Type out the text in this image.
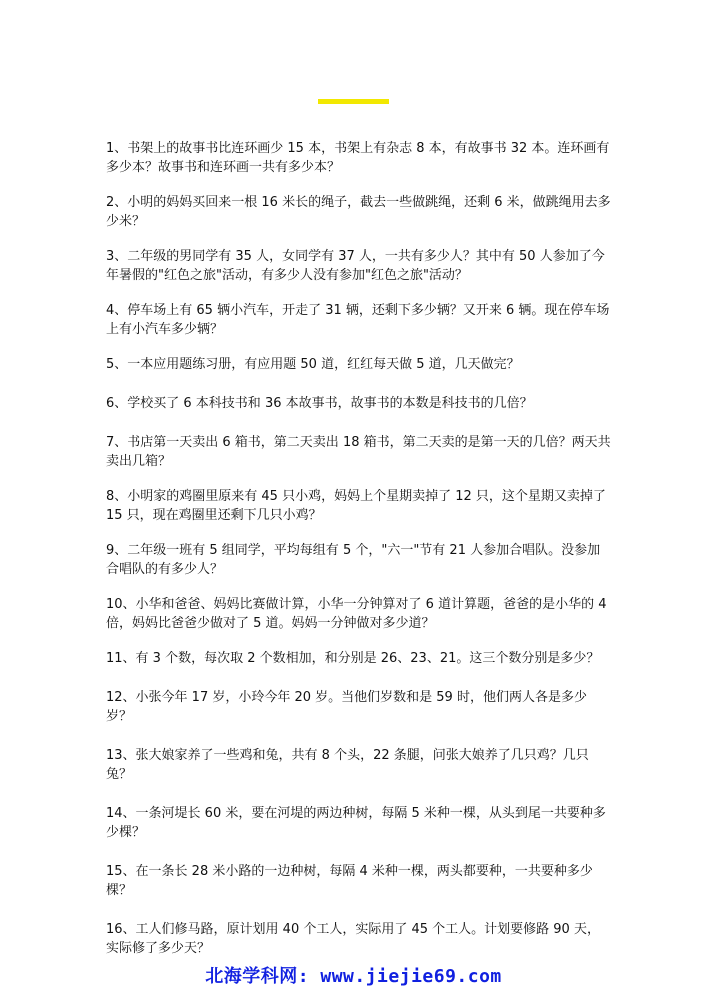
1、书架上的故事书比连环画少 15 本，书架上有杂志 8 本，有故事书 32 本。连环画有多少本？故事书和连环画一共有多少本？
2、小明的妈妈买回来一根 16 米长的绳子，截去一些做跳绳，还剩 6 米，做跳绳用去多少米？
3、二年级的男同学有 35 人，女同学有 37 人，一共有多少人？其中有 50 人参加了今年暑假的"红色之旅"活动，有多少人没有参加"红色之旅"活动？
4、停车场上有 65 辆小汽车，开走了 31 辆，还剩下多少辆？又开来 6 辆。现在停车场上有小汽车多少辆？
5、一本应用题练习册，有应用题 50 道，红红每天做 5 道，几天做完？
6、学校买了 6 本科技书和 36 本故事书，故事书的本数是科技书的几倍？
7、书店第一天卖出 6 箱书，第二天卖出 18 箱书，第二天卖的是第一天的几倍？两天共卖出几箱？
8、小明家的鸡圈里原来有 45 只小鸡，妈妈上个星期卖掉了 12 只，这个星期又卖掉了 15 只，现在鸡圈里还剩下几只小鸡？
9、二年级一班有 5 组同学，平均每组有 5 个，"六一"节有 21 人参加合唱队。没参加合唱队的有多少人？
10、小华和爸爸、妈妈比赛做计算，小华一分钟算对了 6 道计算题，爸爸的是小华的 4 倍，妈妈比爸爸少做对了 5 道。妈妈一分钟做对多少道？
11、有 3 个数，每次取 2 个数相加，和分别是 26、23、21。这三个数分别是多少？
12、小张今年 17 岁，小玲今年 20 岁。当他们岁数和是 59 时，他们两人各是多少岁？
13、张大娘家养了一些鸡和兔，共有 8 个头，22 条腿，问张大娘养了几只鸡？几只兔？
14、一条河堤长 60 米，要在河堤的两边种树，每隔 5 米种一棵，从头到尾一共要种多少棵？
15、在一条长 28 米小路的一边种树，每隔 4 米种一棵，两头都要种，一共要种多少棵？
16、工人们修马路，原计划用 40 个工人，实际用了 45 个工人。计划要修路 90 天，实际修了多少天？
北海学科网: www.jiejie69.com
